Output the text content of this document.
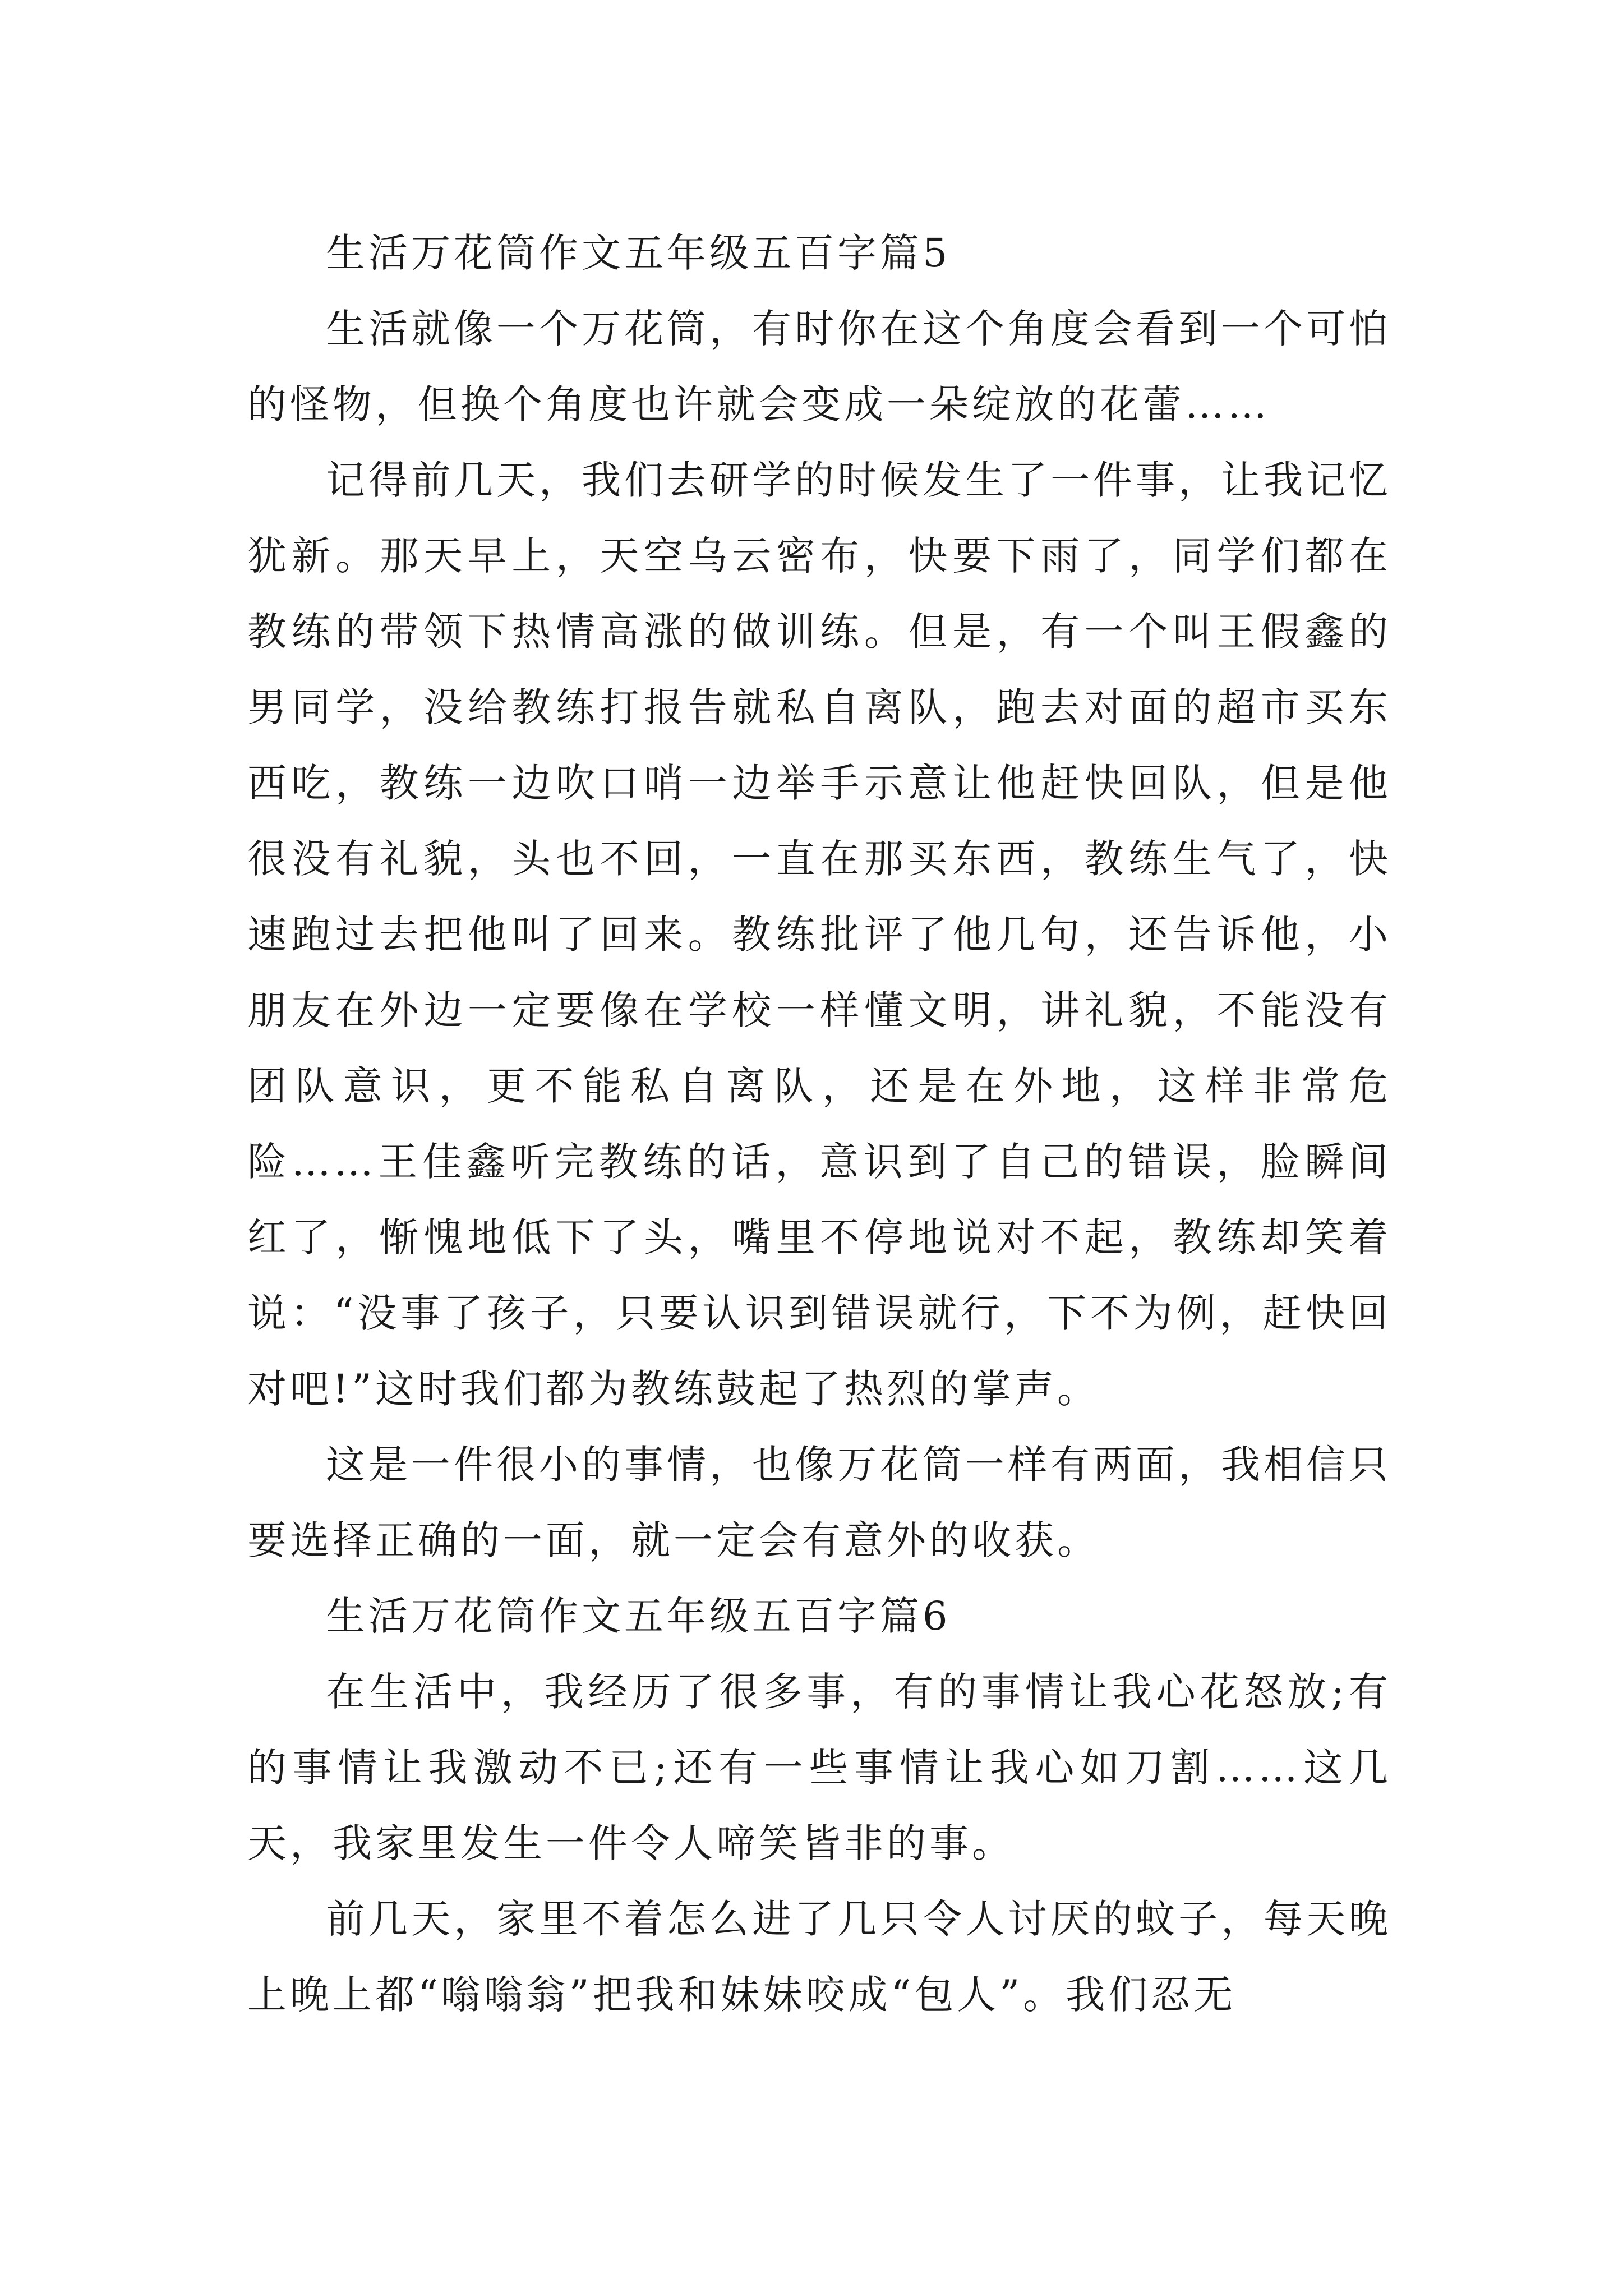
生活万花筒作文五年级五百字篇5

生活就像一个万花筒，有时你在这个角度会看到一个可怕的怪物，但换个角度也许就会变成一朵绽放的花蕾……

记得前几天，我们去研学的时候发生了一件事，让我记忆犹新。那天早上，天空乌云密布，快要下雨了，同学们都在教练的带领下热情高涨的做训练。但是，有一个叫王假鑫的男同学，没给教练打报告就私自离队，跑去对面的超市买东西吃，教练一边吹口哨一边举手示意让他赶快回队，但是他很没有礼貌，头也不回，一直在那买东西，教练生气了，快速跑过去把他叫了回来。教练批评了他几句，还告诉他，小朋友在外边一定要像在学校一样懂文明，讲礼貌，不能没有团队意识，更不能私自离队，还是在外地，这样非常危险……王佳鑫听完教练的话，意识到了自己的错误，脸瞬间红了，惭愧地低下了头，嘴里不停地说对不起，教练却笑着说：“没事了孩子，只要认识到错误就行，下不为例，赶快回对吧!”这时我们都为教练鼓起了热烈的掌声。

这是一件很小的事情，也像万花筒一样有两面，我相信只要选择正确的一面，就一定会有意外的收获。

生活万花筒作文五年级五百字篇6

在生活中，我经历了很多事，有的事情让我心花怒放;有的事情让我激动不已;还有一些事情让我心如刀割……这几天，我家里发生一件令人啼笑皆非的事。

前几天，家里不着怎么进了几只令人讨厌的蚊子，每天晚上晚上都“嗡嗡翁”把我和妹妹咬成“包人”。我们忍无
